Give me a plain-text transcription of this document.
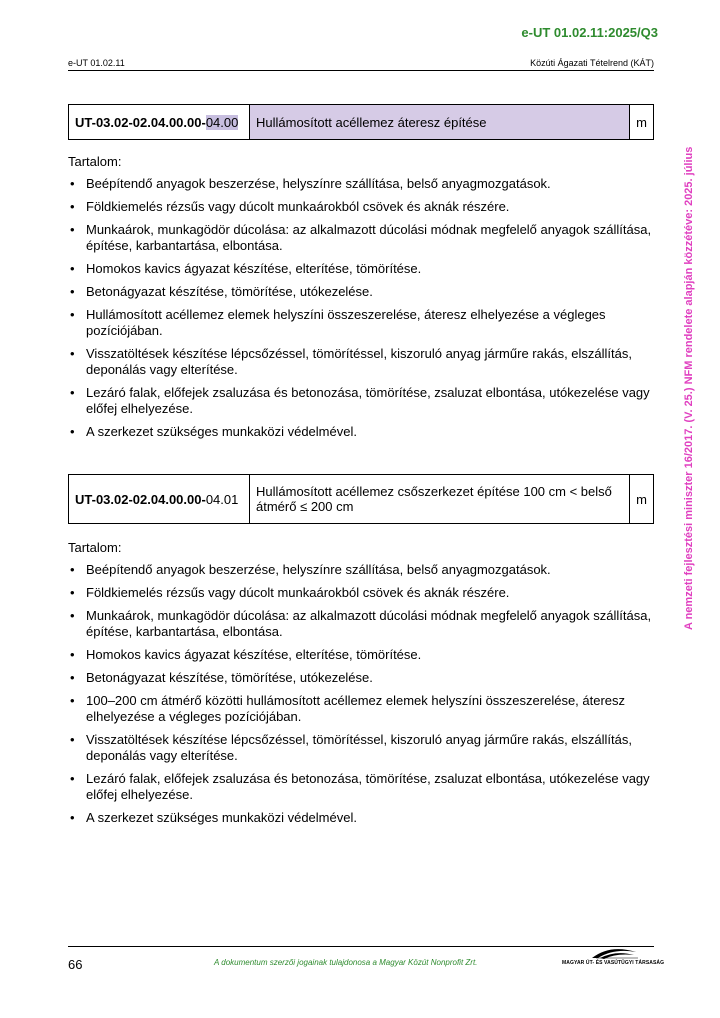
e-UT 01.02.11:2025/Q3
e-UT 01.02.11	Közúti Ágazati Tételrend (KÁT)
A nemzeti fejlesztési miniszter 16/2017. (V. 25.) NFM rendelete alapján közzétéve: 2025. július
UT-03.02-02.04.00.00-04.00	Hullámosított acéllemez áteresz építése	m

Tartalom:

• Beépítendő anyagok beszerzése, helyszínre szállítása, belső anyagmozgatások.
• Földkiemelés rézsűs vagy dúcolt munkaárokból csövek és aknák részére.
• Munkaárok, munkagödör dúcolása: az alkalmazott dúcolási módnak megfelelő anyagok szállítása, építése, karbantartása, elbontása.
• Homokos kavics ágyazat készítése, elterítése, tömörítése.
• Betonágyazat készítése, tömörítése, utókezelése.
• Hullámosított acéllemez elemek helyszíni összeszerelése, áteresz elhelyezése a végleges pozíciójában.
• Visszatöltések készítése lépcsőzéssel, tömörítéssel, kiszoruló anyag járműre rakás, elszállítás, deponálás vagy elterítése.
• Lezáró falak, előfejek zsaluzása és betonozása, tömörítése, zsaluzat elbontása, utókezelése vagy előfej elhelyezése.
• A szerkezet szükséges munkaközi védelmével.
UT-03.02-02.04.00.00-04.01	Hullámosított acéllemez csőszerkezet építése 100 cm < belső átmérő ≤ 200 cm	m

Tartalom:

• Beépítendő anyagok beszerzése, helyszínre szállítása, belső anyagmozgatások.
• Földkiemelés rézsűs vagy dúcolt munkaárokból csövek és aknák részére.
• Munkaárok, munkagödör dúcolása: az alkalmazott dúcolási módnak megfelelő anyagok szállítása, építése, karbantartása, elbontása.
• Homokos kavics ágyazat készítése, elterítése, tömörítése.
• Betonágyazat készítése, tömörítése, utókezelése.
• 100–200 cm átmérő közötti hullámosított acéllemez elemek helyszíni összeszerelése, áteresz elhelyezése a végleges pozíciójában.
• Visszatöltések készítése lépcsőzéssel, tömörítéssel, kiszoruló anyag járműre rakás, elszállítás, deponálás vagy elterítése.
• Lezáró falak, előfejek zsaluzása és betonozása, tömörítése, zsaluzat elbontása, utókezelése vagy előfej elhelyezése.
• A szerkezet szükséges munkaközi védelmével.
66	A dokumentum szerzői jogainak tulajdonosa a Magyar Közút Nonprofit Zrt.	MAGYAR ÚT- ÉS VASÚTÜGYI TÁRSASÁG
